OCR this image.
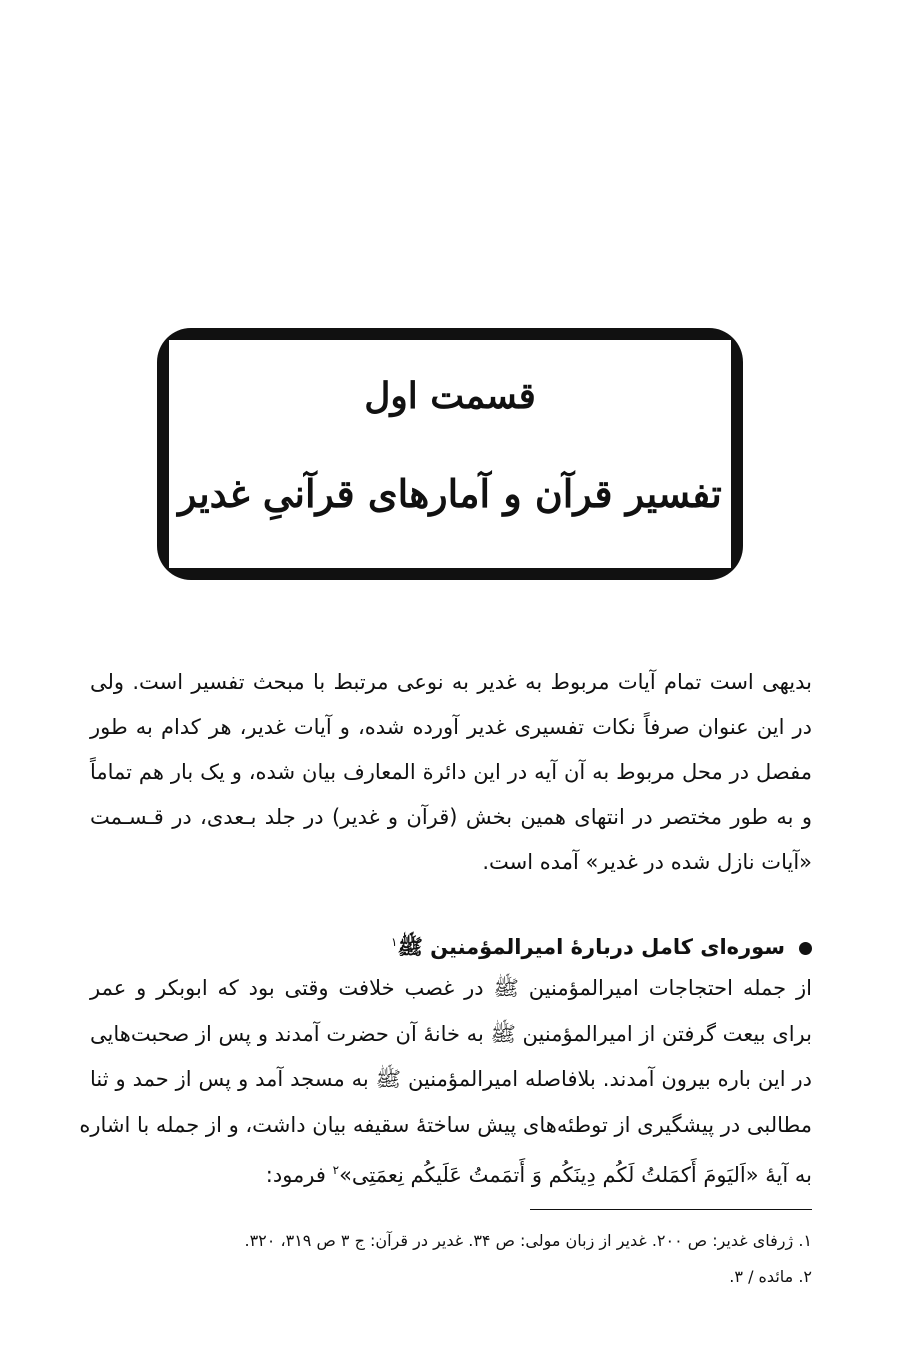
قسمت اول
تفسیر قرآن و آمارهای قرآنیِ غدیر
بدیهی است تمام آیات مربوط به غدیر به نوعی مرتبط با مبحث تفسیر است. ولی
در این عنوان صرفاً نکات تفسیری غدیر آورده شده، و آیات غدیر، هر کدام به طور
مفصل در محل مربوط به آن آیه در این دائرة المعارف بیان شده، و یک بار هم تماماً
و به طور مختصر در انتهای همین بخش (قرآن و غدیر) در جلد بـعدی، در قـسـمت
«آیات نازل شده در غدیر» آمده است.
سوره‌ای کامل دربارهٔ امیرالمؤمنین ﷺ$^١$
از جمله احتجاجات امیرالمؤمنین ﷺ در غصب خلافت وقتی بود که ابوبکر و عمر
برای بیعت گرفتن از امیرالمؤمنین ﷺ به خانهٔ آن حضرت آمدند و پس از صحبت‌هایی
در این باره بیرون آمدند. بلافاصله امیرالمؤمنین ﷺ به مسجد آمد و پس از حمد و ثنا
مطالبی در پیشگیری از توطئه‌های پیش ساختهٔ سقیفه بیان داشت، و از جمله با اشاره
به آیهٔ «اَلیَومَ أَکمَلتُ لَکُم دِینَکُم وَ أَتمَمتُ عَلَیکُم نِعمَتِی»$^٢$ فرمود:
١. ژرفای غدیر: ص ٢٠٠. غدیر از زبان مولی: ص ٣۴. غدیر در قرآن: ج ٣ ص ٣١٩، ٣٢٠.
٢. مائده / ٣.
